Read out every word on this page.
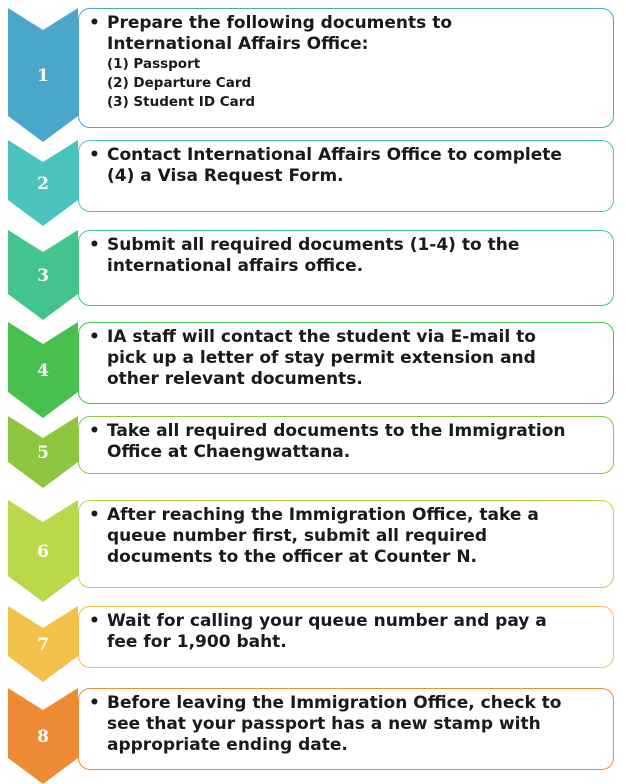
1
• Prepare the following documents to
International Affairs Office:
(1) Passport
(2) Departure Card
(3) Student ID Card
2
• Contact International Affairs Office to complete
(4) a Visa Request Form.
3
• Submit all required documents (1-4) to the
international affairs office.
4
• IA staff will contact the student via E-mail to
pick up a letter of stay permit extension and
other relevant documents.
5
• Take all required documents to the Immigration
Office at Chaengwattana.
6
• After reaching the Immigration Office, take a
queue number first, submit all required
documents to the officer at Counter N.
7
• Wait for calling your queue number and pay a
fee for 1,900 baht.
8
• Before leaving the Immigration Office, check to
see that your passport has a new stamp with
appropriate ending date.
